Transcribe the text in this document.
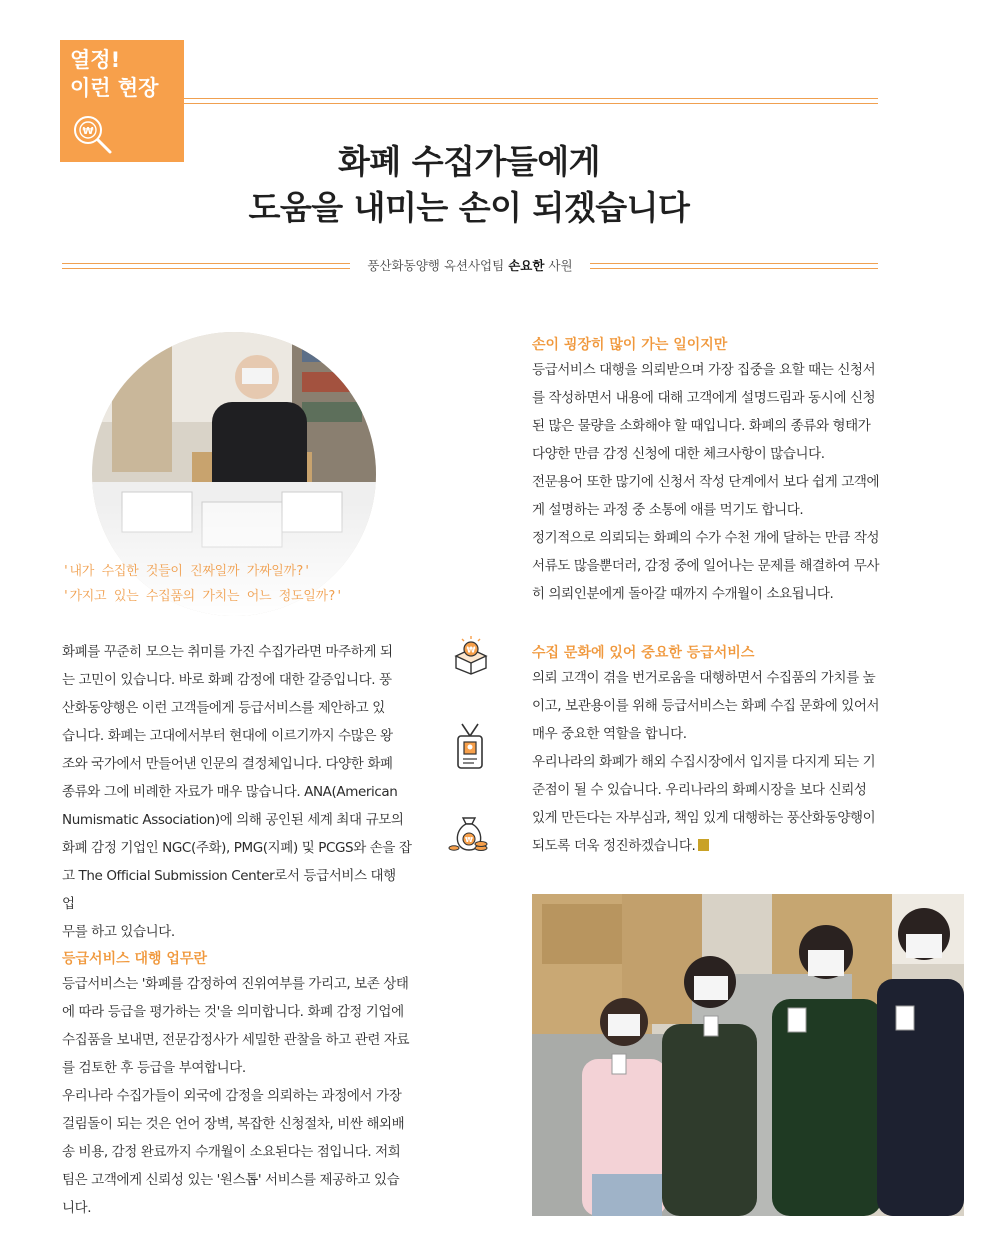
열정!
이런 현장
₩
화폐 수집가들에게
도움을 내미는 손이 되겠습니다
풍산화동양행 옥션사업팀 손요한 사원
'내가 수집한 것들이 진짜일까 가짜일까?'
'가지고 있는 수집품의 가치는 어느 정도일까?'

화폐를 꾸준히 모으는 취미를 가진 수집가라면 마주하게 되

는 고민이 있습니다. 바로 화폐 감정에 대한 갈증입니다. 풍

산화동양행은 이런 고객들에게 등급서비스를 제안하고 있

습니다. 화폐는 고대에서부터 현대에 이르기까지 수많은 왕

조와 국가에서 만들어낸 인문의 결정체입니다. 다양한 화폐

종류와 그에 비례한 자료가 매우 많습니다. ANA(American

Numismatic Association)에 의해 공인된 세계 최대 규모의

화폐 감정 기업인 NGC(주화), PMG(지폐) 및 PCGS와 손을 잡

고 The Official Submission Center로서 등급서비스 대행 업

무를 하고 있습니다.

등급서비스 대행 업무란

등급서비스는 '화폐를 감정하여 진위여부를 가리고, 보존 상태

에 따라 등급을 평가하는 것'을 의미합니다. 화폐 감정 기업에

수집품을 보내면, 전문감정사가 세밀한 관찰을 하고 관련 자료

를 검토한 후 등급을 부여합니다.

우리나라 수집가들이 외국에 감정을 의뢰하는 과정에서 가장

걸림돌이 되는 것은 언어 장벽, 복잡한 신청절차, 비싼 해외배

송 비용, 감정 완료까지 수개월이 소요된다는 점입니다. 저희

팀은 고객에게 신뢰성 있는 '원스톱' 서비스를 제공하고 있습

니다.

₩
₩
손이 굉장히 많이 가는 일이지만

등급서비스 대행을 의뢰받으며 가장 집중을 요할 때는 신청서

를 작성하면서 내용에 대해 고객에게 설명드림과 동시에 신청

된 많은 물량을 소화해야 할 때입니다. 화폐의 종류와 형태가

다양한 만큼 감정 신청에 대한 체크사항이 많습니다.

전문용어 또한 많기에 신청서 작성 단계에서 보다 쉽게 고객에

게 설명하는 과정 중 소통에 애를 먹기도 합니다.

정기적으로 의뢰되는 화폐의 수가 수천 개에 달하는 만큼 작성

서류도 많을뿐더러, 감정 중에 일어나는 문제를 해결하여 무사

히 의뢰인분에게 돌아갈 때까지 수개월이 소요됩니다.

수집 문화에 있어 중요한 등급서비스

의뢰 고객이 겪을 번거로움을 대행하면서 수집품의 가치를 높

이고, 보관용이를 위해 등급서비스는 화폐 수집 문화에 있어서

매우 중요한 역할을 합니다.

우리나라의 화폐가 해외 수집시장에서 입지를 다지게 되는 기

준점이 될 수 있습니다. 우리나라의 화폐시장을 보다 신뢰성

있게 만든다는 자부심과, 책임 있게 대행하는 풍산화동양행이

되도록 더욱 정진하겠습니다.
